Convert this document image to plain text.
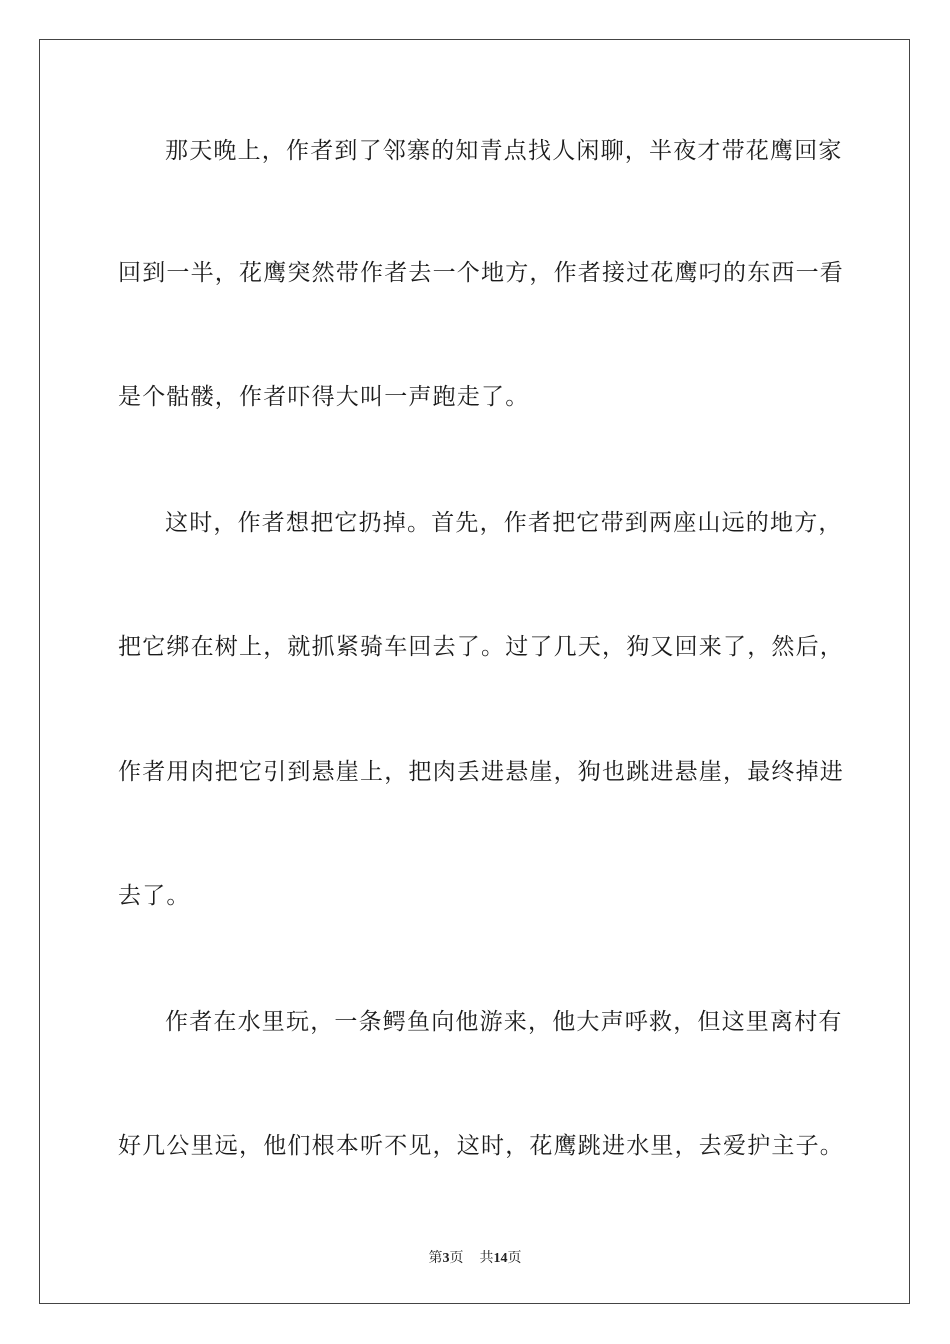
那天晚上，作者到了邻寨的知青点找人闲聊，半夜才带花鹰回家
回到一半，花鹰突然带作者去一个地方，作者接过花鹰叼的东西一看
是个骷髅，作者吓得大叫一声跑走了。
这时，作者想把它扔掉。首先，作者把它带到两座山远的地方，
把它绑在树上，就抓紧骑车回去了。过了几天，狗又回来了，然后，
作者用肉把它引到悬崖上，把肉丢进悬崖，狗也跳进悬崖，最终掉进
去了。
作者在水里玩，一条鳄鱼向他游来，他大声呼救，但这里离村有
好几公里远，他们根本听不见，这时，花鹰跳进水里，去爱护主子。
第3页 共14页
